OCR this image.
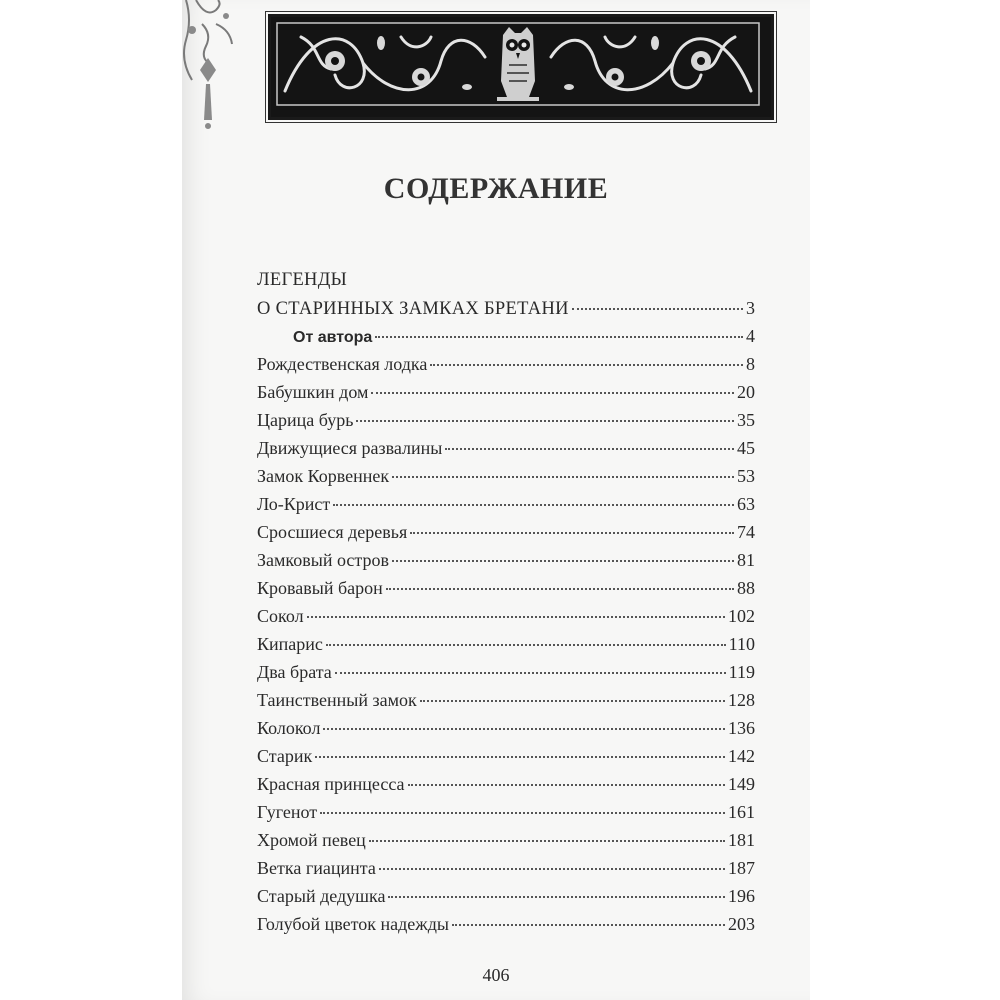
СОДЕРЖАНИЕ
ЛЕГЕНДЫ
О СТАРИННЫХ ЗАМКАХ БРЕТАНИ	3
От автора	4
Рождественская лодка	8
Бабушкин дом	20
Царица бурь	35
Движущиеся развалины	45
Замок Корвеннек	53
Ло-Крист	63
Сросшиеся деревья	74
Замковый остров	81
Кровавый барон	88
Сокол	102
Кипарис	110
Два брата	119
Таинственный замок	128
Колокол	136
Старик	142
Красная принцесса	149
Гугенот	161
Хромой певец	181
Ветка гиацинта	187
Старый дедушка	196
Голубой цветок надежды	203
406
